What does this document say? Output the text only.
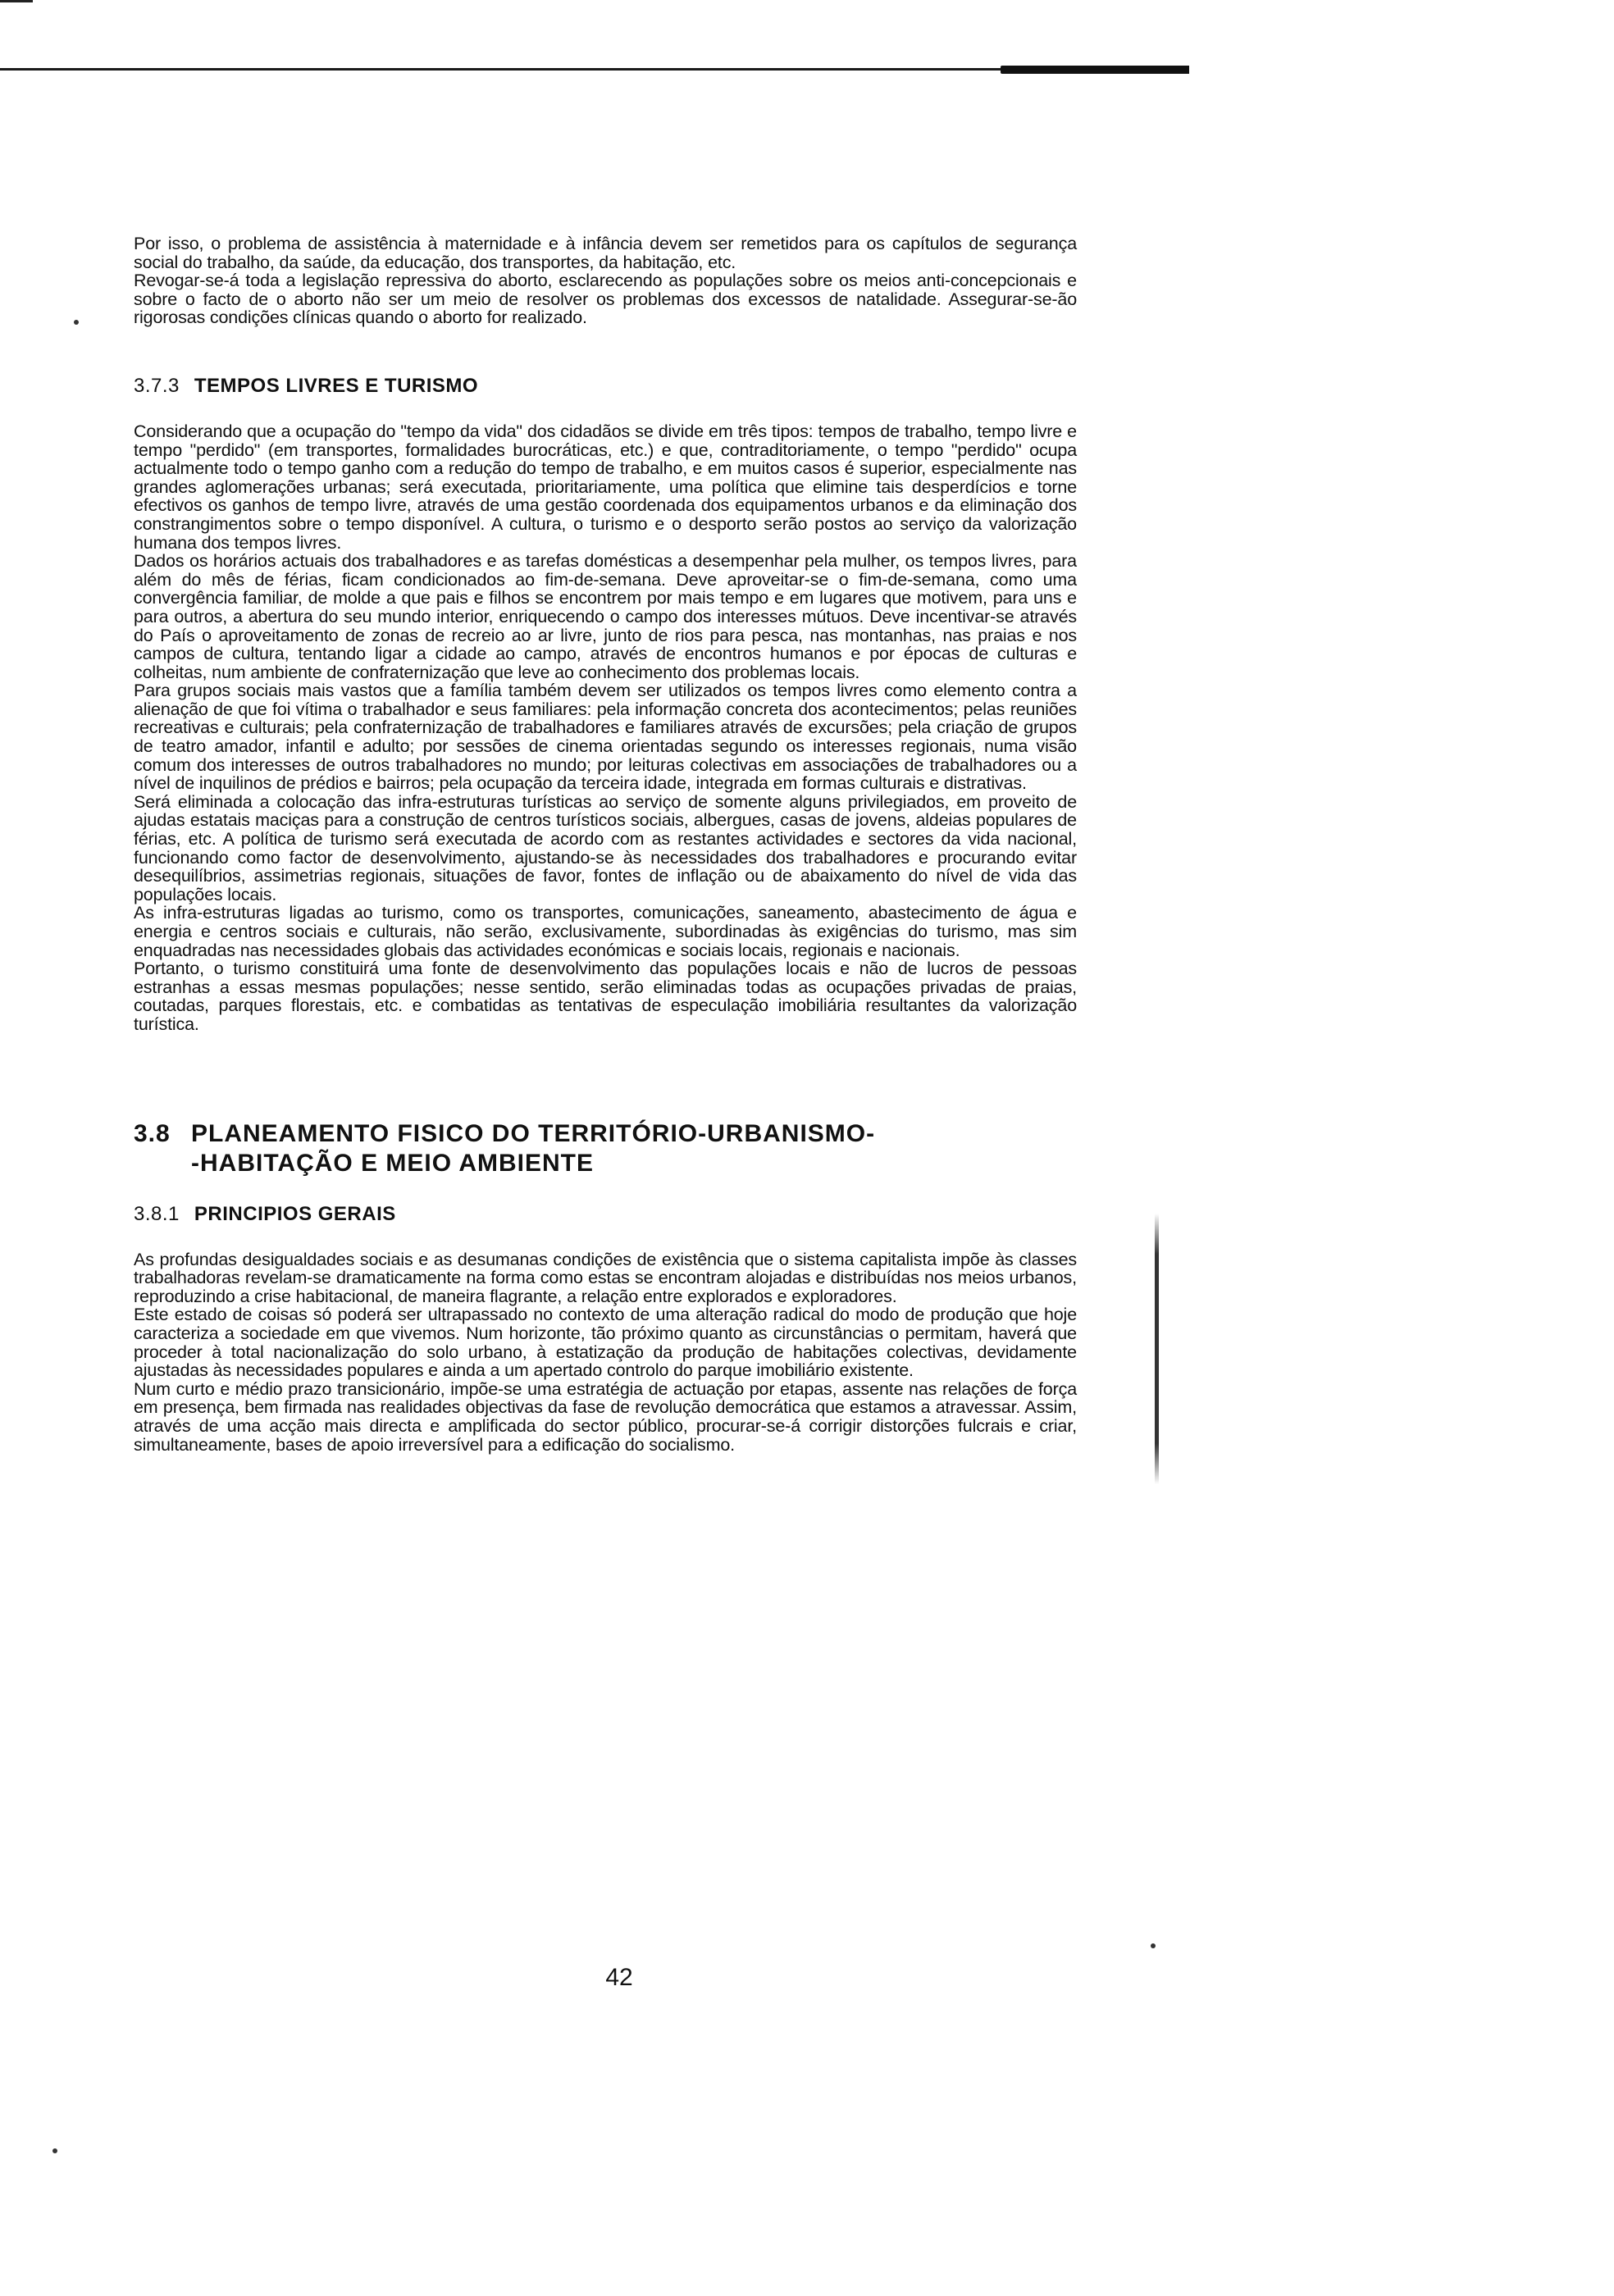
Por isso, o problema de assistência à maternidade e à infância devem ser remetidos para os capítulos de segurança social do trabalho, da saúde, da educação, dos transportes, da habitação, etc.

Revogar-se-á toda a legislação repressiva do aborto, esclarecendo as populações sobre os meios anti-concepcionais e sobre o facto de o aborto não ser um meio de resolver os problemas dos excessos de natalidade. Assegurar-se-ão rigorosas condições clínicas quando o aborto for realizado.

3.7.3 TEMPOS LIVRES E TURISMO

Considerando que a ocupação do "tempo da vida" dos cidadãos se divide em três tipos: tempos de trabalho, tempo livre e tempo "perdido" (em transportes, formalidades burocráticas, etc.) e que, contraditoriamente, o tempo "perdido" ocupa actualmente todo o tempo ganho com a redução do tempo de trabalho, e em muitos casos é superior, especialmente nas grandes aglomerações urbanas; será executada, prioritariamente, uma política que elimine tais desperdícios e torne efectivos os ganhos de tempo livre, através de uma gestão coordenada dos equipamentos urbanos e da eliminação dos constrangimentos sobre o tempo disponível. A cultura, o turismo e o desporto serão postos ao serviço da valorização humana dos tempos livres.

Dados os horários actuais dos trabalhadores e as tarefas domésticas a desempenhar pela mulher, os tempos livres, para além do mês de férias, ficam condicionados ao fim-de-semana. Deve aproveitar-se o fim-de-semana, como uma convergência familiar, de molde a que pais e filhos se encontrem por mais tempo e em lugares que motivem, para uns e para outros, a abertura do seu mundo interior, enriquecendo o campo dos interesses mútuos. Deve incentivar-se através do País o aproveitamento de zonas de recreio ao ar livre, junto de rios para pesca, nas montanhas, nas praias e nos campos de cultura, tentando ligar a cidade ao campo, através de encontros humanos e por épocas de culturas e colheitas, num ambiente de confraternização que leve ao conhecimento dos problemas locais.

Para grupos sociais mais vastos que a família também devem ser utilizados os tempos livres como elemento contra a alienação de que foi vítima o trabalhador e seus familiares: pela informação concreta dos acontecimentos; pelas reuniões recreativas e culturais; pela confraternização de trabalhadores e familiares através de excursões; pela criação de grupos de teatro amador, infantil e adulto; por sessões de cinema orientadas segundo os interesses regionais, numa visão comum dos interesses de outros trabalhadores no mundo; por leituras colectivas em associações de trabalhadores ou a nível de inquilinos de prédios e bairros; pela ocupação da terceira idade, integrada em formas culturais e distrativas.

Será eliminada a colocação das infra-estruturas turísticas ao serviço de somente alguns privilegiados, em proveito de ajudas estatais maciças para a construção de centros turísticos sociais, albergues, casas de jovens, aldeias populares de férias, etc. A política de turismo será executada de acordo com as restantes actividades e sectores da vida nacional, funcionando como factor de desenvolvimento, ajustando-se às necessidades dos trabalhadores e procurando evitar desequilíbrios, assimetrias regionais, situações de favor, fontes de inflação ou de abaixamento do nível de vida das populações locais.

As infra-estruturas ligadas ao turismo, como os transportes, comunicações, saneamento, abastecimento de água e energia e centros sociais e culturais, não serão, exclusivamente, subordinadas às exigências do turismo, mas sim enquadradas nas necessidades globais das actividades económicas e sociais locais, regionais e nacionais.

Portanto, o turismo constituirá uma fonte de desenvolvimento das populações locais e não de lucros de pessoas estranhas a essas mesmas populações; nesse sentido, serão eliminadas todas as ocupações privadas de praias, coutadas, parques florestais, etc. e combatidas as tentativas de especulação imobiliária resultantes da valorização turística.

3.8 PLANEAMENTO FISICO DO TERRITÓRIO-URBANISMO-
-HABITAÇÃO E MEIO AMBIENTE
3.8.1 PRINCIPIOS GERAIS

As profundas desigualdades sociais e as desumanas condições de existência que o sistema capitalista impõe às classes trabalhadoras revelam-se dramaticamente na forma como estas se encontram alojadas e distribuídas nos meios urbanos, reproduzindo a crise habitacional, de maneira flagrante, a relação entre explorados e exploradores.

Este estado de coisas só poderá ser ultrapassado no contexto de uma alteração radical do modo de produção que hoje caracteriza a sociedade em que vivemos. Num horizonte, tão próximo quanto as circunstâncias o permitam, haverá que proceder à total nacionalização do solo urbano, à estatização da produção de habitações colectivas, devidamente ajustadas às necessidades populares e ainda a um apertado controlo do parque imobiliário existente.

Num curto e médio prazo transicionário, impõe-se uma estratégia de actuação por etapas, assente nas relações de força em presença, bem firmada nas realidades objectivas da fase de revolução democrática que estamos a atravessar. Assim, através de uma acção mais directa e amplificada do sector público, procurar-se-á corrigir distorções fulcrais e criar, simultaneamente, bases de apoio irreversível para a edificação do socialismo.

42
